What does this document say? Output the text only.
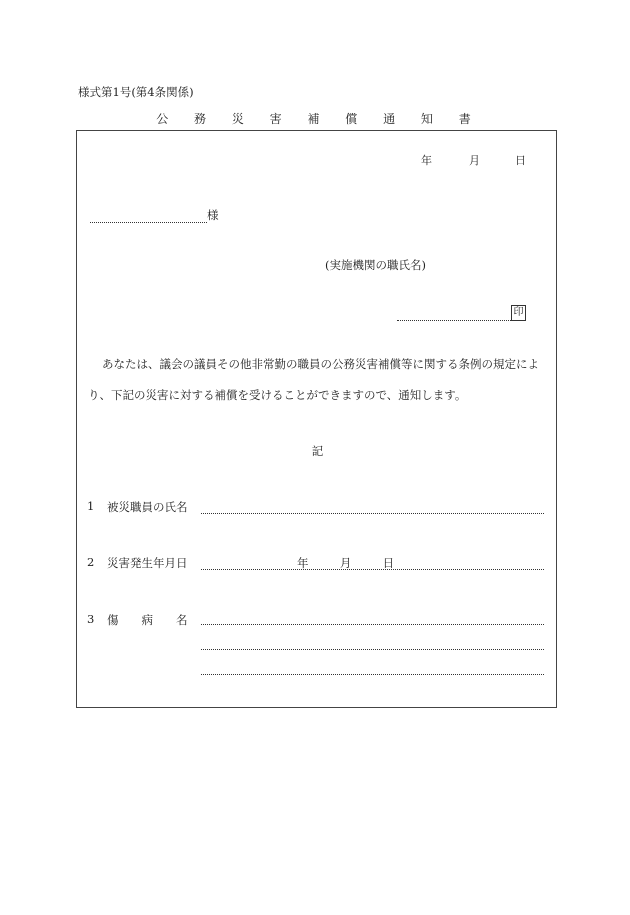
様式第1号(第4条関係)
公 務 災 害 補 償 通 知 書
年	月	日
様
(実施機関の職氏名)
印
あなたは、議会の議員その他非常勤の職員の公務災害補償等に関する条例の規定により、下記の災害に対する補償を受けることができますので、通知します。
記
1 被災職員の氏名
2 災害発生年月日	年	月	日
3 傷　　病　　名
